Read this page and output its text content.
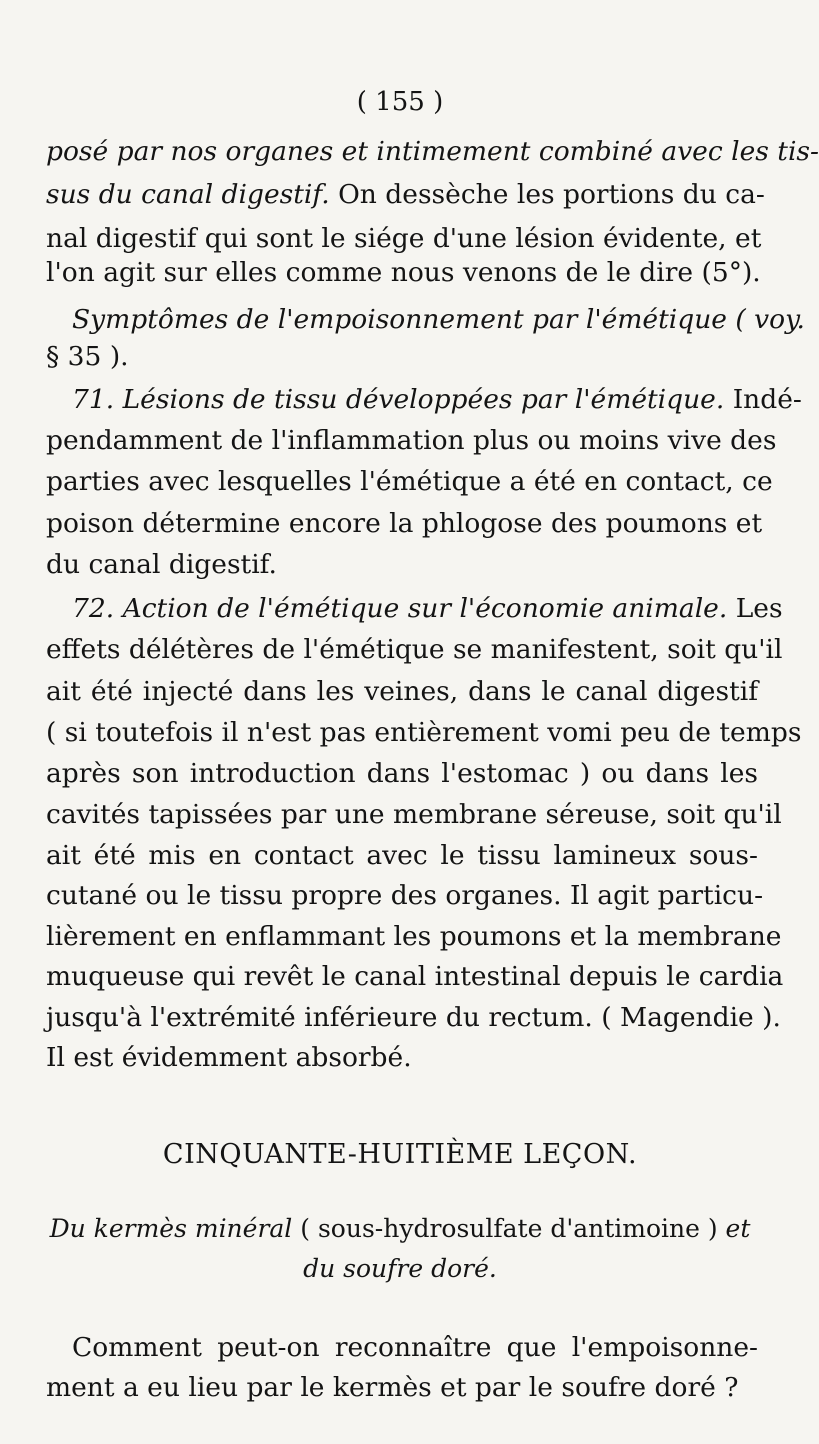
( 155 )
posé par nos organes et intimement combiné avec les tis-
sus du canal digestif. On dessèche les portions du ca-
nal digestif qui sont le siége d'une lésion évidente, et
l'on agit sur elles comme nous venons de le dire (5°).
Symptômes de l'empoisonnement par l'émétique ( voy.
§ 35 ).
71. Lésions de tissu développées par l'émétique. Indé-
pendamment de l'inflammation plus ou moins vive des
parties avec lesquelles l'émétique a été en contact, ce
poison détermine encore la phlogose des poumons et
du canal digestif.
72. Action de l'émétique sur l'économie animale. Les
effets délétères de l'émétique se manifestent, soit qu'il
ait été injecté dans les veines, dans le canal digestif
( si toutefois il n'est pas entièrement vomi peu de temps
après son introduction dans l'estomac ) ou dans les
cavités tapissées par une membrane séreuse, soit qu'il
ait été mis en contact avec le tissu lamineux sous-
cutané ou le tissu propre des organes. Il agit particu-
lièrement en enflammant les poumons et la membrane
muqueuse qui revêt le canal intestinal depuis le cardia
jusqu'à l'extrémité inférieure du rectum. ( Magendie ).
Il est évidemment absorbé.
CINQUANTE-HUITIÈME LEÇON.
Du kermès minéral ( sous-hydrosulfate d'antimoine ) et
du soufre doré.
Comment peut-on reconnaître que l'empoisonne-
ment a eu lieu par le kermès et par le soufre doré ?
